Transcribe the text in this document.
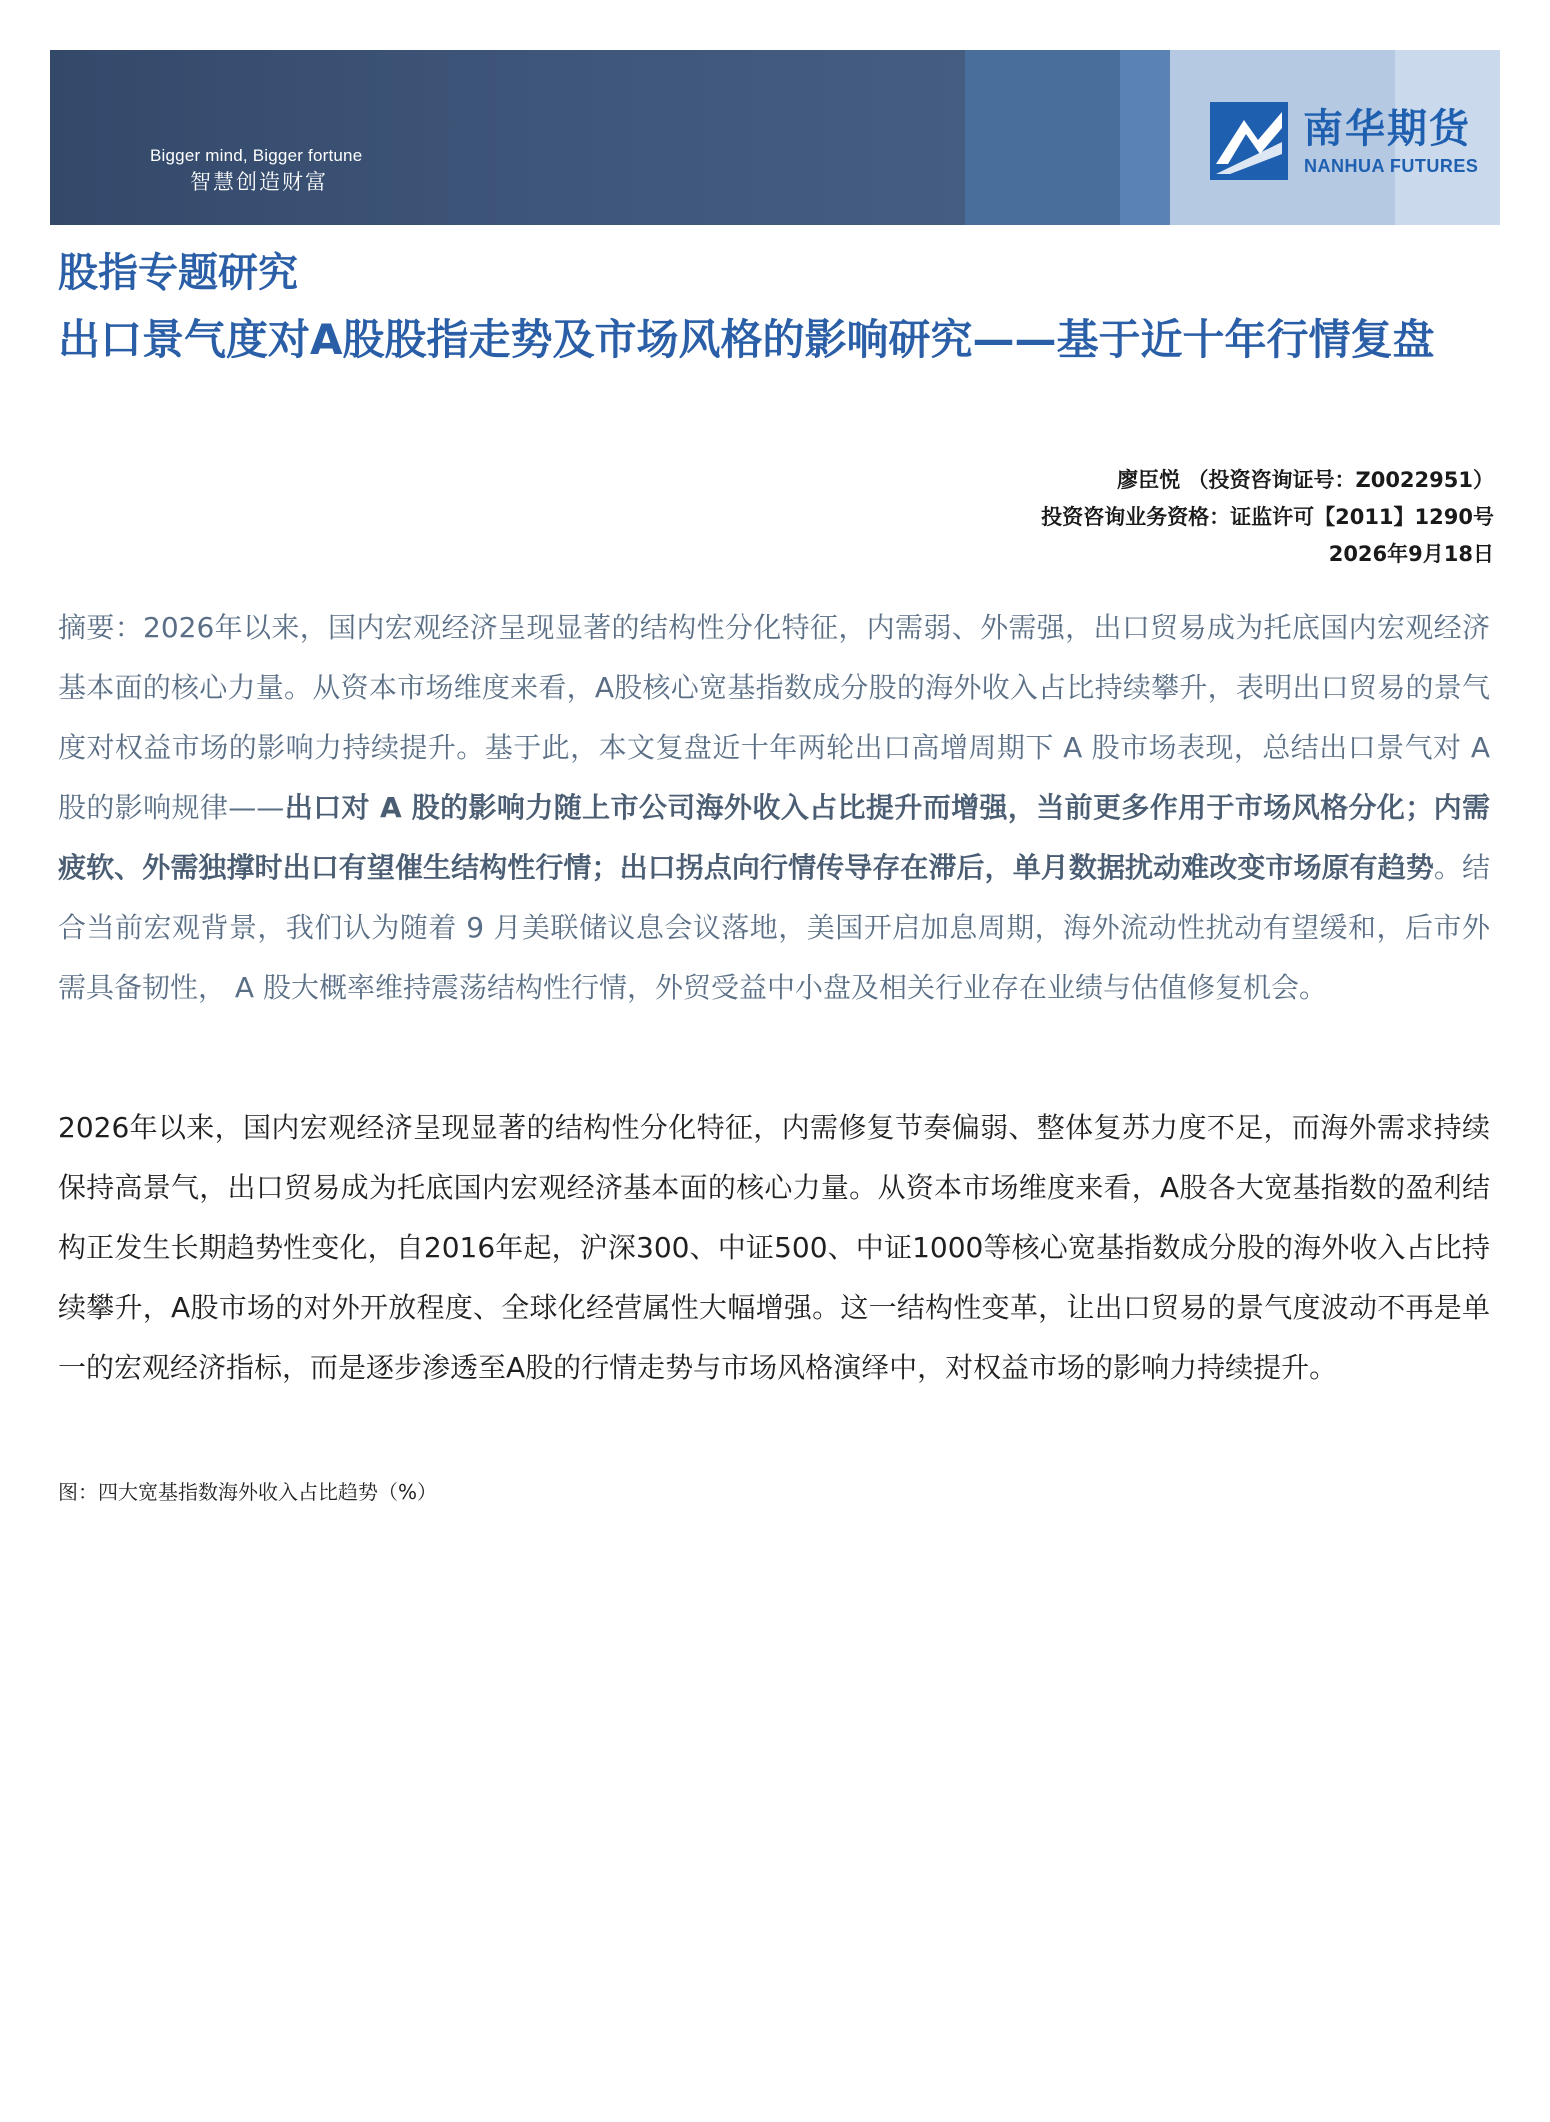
Bigger mind, Bigger fortune
智慧创造财富
南华期货
NANHUA FUTURES
股指专题研究
出口景气度对A股股指走势及市场风格的影响研究——基于近十年行情复盘
廖臣悦 （投资咨询证号：Z0022951）
投资咨询业务资格：证监许可【2011】1290号
2026年9月18日
摘要：2026年以来，国内宏观经济呈现显著的结构性分化特征，内需弱、外需强，出口贸易成为托底国内宏观经济基本面的核心力量。从资本市场维度来看，A股核心宽基指数成分股的海外收入占比持续攀升，表明出口贸易的景气度对权益市场的影响力持续提升。基于此，本文复盘近十年两轮出口高增周期下 A 股市场表现，总结出口景气对 A 股的影响规律——出口对 A 股的影响力随上市公司海外收入占比提升而增强，当前更多作用于市场风格分化；内需疲软、外需独撑时出口有望催生结构性行情；出口拐点向行情传导存在滞后，单月数据扰动难改变市场原有趋势。结合当前宏观背景，我们认为随着 9 月美联储议息会议落地，美国开启加息周期，海外流动性扰动有望缓和，后市外需具备韧性， A 股大概率维持震荡结构性行情，外贸受益中小盘及相关行业存在业绩与估值修复机会。
2026年以来，国内宏观经济呈现显著的结构性分化特征，内需修复节奏偏弱、整体复苏力度不足，而海外需求持续保持高景气，出口贸易成为托底国内宏观经济基本面的核心力量。从资本市场维度来看，A股各大宽基指数的盈利结构正发生长期趋势性变化，自2016年起，沪深300、中证500、中证1000等核心宽基指数成分股的海外收入占比持续攀升，A股市场的对外开放程度、全球化经营属性大幅增强。这一结构性变革，让出口贸易的景气度波动不再是单一的宏观经济指标，而是逐步渗透至A股的行情走势与市场风格演绎中，对权益市场的影响力持续提升。
图：四大宽基指数海外收入占比趋势（%）
